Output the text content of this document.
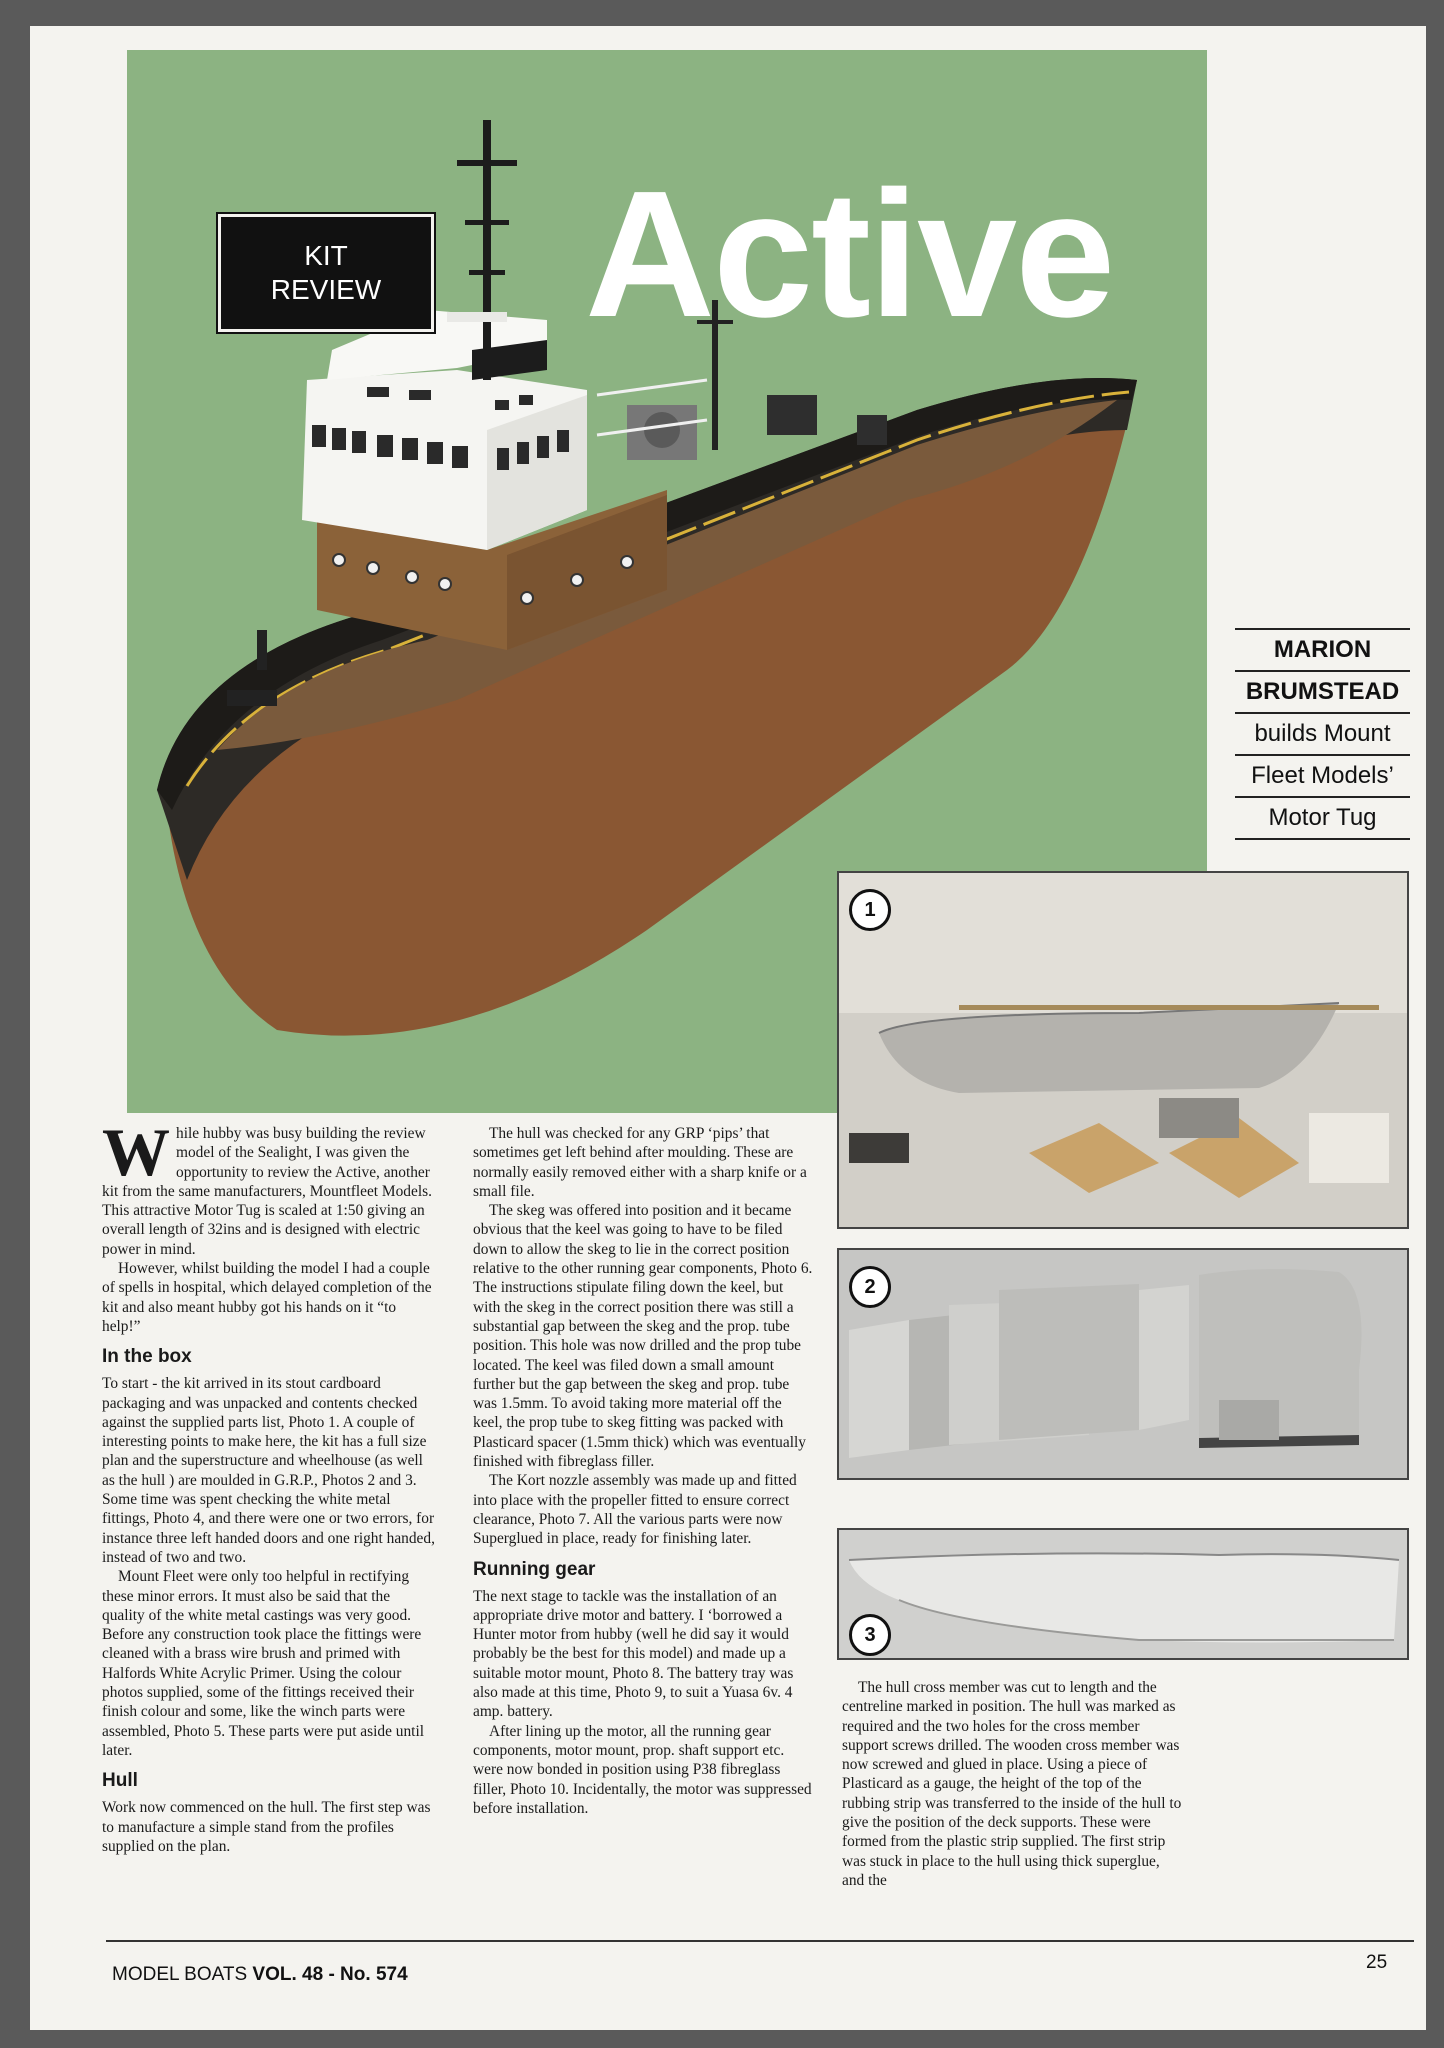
KIT
REVIEW Active
MARION
BRUMSTEAD
builds Mount
Fleet Models’
Motor Tug
1
2
3

While hubby was busy building the review model of the Sealight, I was given the opportunity to review the Active, another kit from the same manufacturers, Mountfleet Models. This attractive Motor Tug is scaled at 1:50 giving an overall length of 32ins and is designed with electric power in mind.

However, whilst building the model I had a couple of spells in hospital, which delayed completion of the kit and also meant hubby got his hands on it “to help!”

In the box

To start - the kit arrived in its stout cardboard packaging and was unpacked and contents checked against the supplied parts list, Photo 1. A couple of interesting points to make here, the kit has a full size plan and the superstructure and wheelhouse (as well as the hull ) are moulded in G.R.P., Photos 2 and 3. Some time was spent checking the white metal fittings, Photo 4, and there were one or two errors, for instance three left handed doors and one right handed, instead of two and two.

Mount Fleet were only too helpful in rectifying these minor errors. It must also be said that the quality of the white metal castings was very good. Before any construction took place the fittings were cleaned with a brass wire brush and primed with Halfords White Acrylic Primer. Using the colour photos supplied, some of the fittings received their finish colour and some, like the winch parts were assembled, Photo 5. These parts were put aside until later.

Hull

Work now commenced on the hull. The first step was to manufacture a simple stand from the profiles supplied on the plan.

The hull was checked for any GRP ‘pips’ that sometimes get left behind after moulding. These are normally easily removed either with a sharp knife or a small file.

The skeg was offered into position and it became obvious that the keel was going to have to be filed down to allow the skeg to lie in the correct position relative to the other running gear components, Photo 6. The instructions stipulate filing down the keel, but with the skeg in the correct position there was still a substantial gap between the skeg and the prop. tube position. This hole was now drilled and the prop tube located. The keel was filed down a small amount further but the gap between the skeg and prop. tube was 1.5mm. To avoid taking more material off the keel, the prop tube to skeg fitting was packed with Plasticard spacer (1.5mm thick) which was eventually finished with fibreglass filler.

The Kort nozzle assembly was made up and fitted into place with the propeller fitted to ensure correct clearance, Photo 7. All the various parts were now Superglued in place, ready for finishing later.

Running gear

The next stage to tackle was the installation of an appropriate drive motor and battery. I ‘borrowed a Hunter motor from hubby (well he did say it would probably be the best for this model) and made up a suitable motor mount, Photo 8. The battery tray was also made at this time, Photo 9, to suit a Yuasa 6v. 4 amp. battery.

After lining up the motor, all the running gear components, motor mount, prop. shaft support etc. were now bonded in position using P38 fibreglass filler, Photo 10. Incidentally, the motor was suppressed before installation.

The hull cross member was cut to length and the centreline marked in position. The hull was marked as required and the two holes for the cross member support screws drilled. The wooden cross member was now screwed and glued in place. Using a piece of Plasticard as a gauge, the height of the top of the rubbing strip was transferred to the inside of the hull to give the position of the deck supports. These were formed from the plastic strip supplied. The first strip was stuck in place to the hull using thick superglue, and the

MODEL BOATS VOL. 48 - No. 574
25
